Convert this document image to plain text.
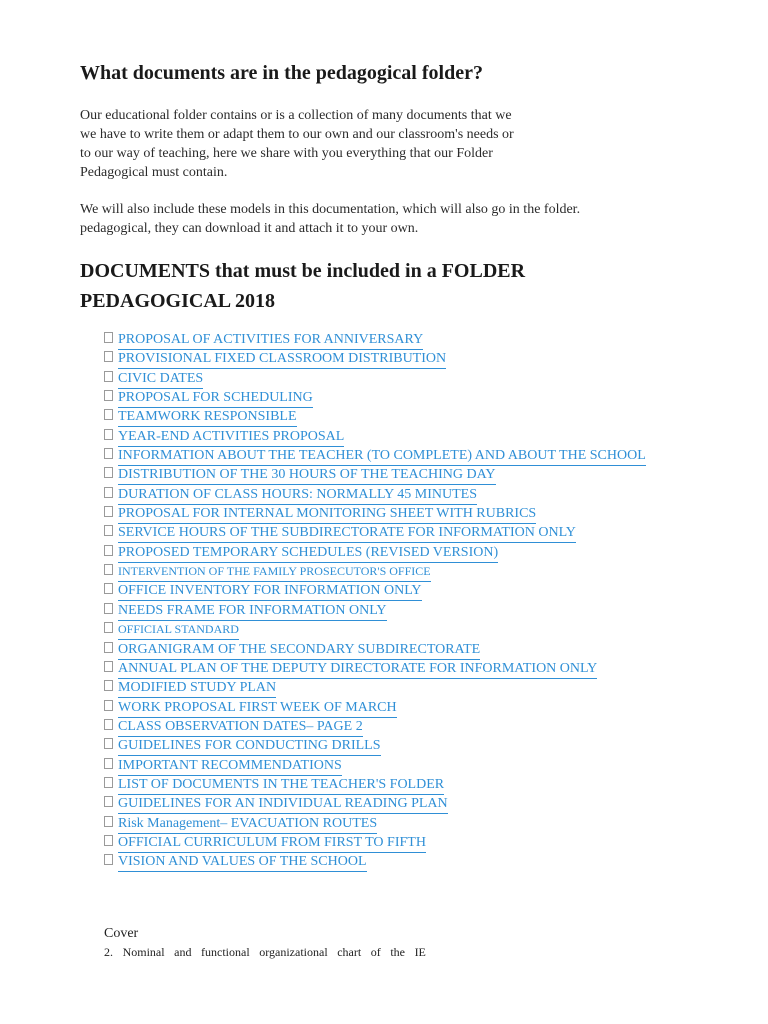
What documents are in the pedagogical folder?
Our educational folder contains or is a collection of many documents that we
we have to write them or adapt them to our own and our classroom's needs or
to our way of teaching, here we share with you everything that our Folder
Pedagogical must contain.
We will also include these models in this documentation, which will also go in the folder.
pedagogical, they can download it and attach it to your own.
DOCUMENTS that must be included in a FOLDER
PEDAGOGICAL 2018
PROPOSAL OF ACTIVITIES FOR ANNIVERSARY
PROVISIONAL FIXED CLASSROOM DISTRIBUTION
CIVIC DATES
PROPOSAL FOR SCHEDULING
TEAMWORK RESPONSIBLE
YEAR-END ACTIVITIES PROPOSAL
INFORMATION ABOUT THE TEACHER (TO COMPLETE) AND ABOUT THE SCHOOL
DISTRIBUTION OF THE 30 HOURS OF THE TEACHING DAY
DURATION OF CLASS HOURS: NORMALLY 45 MINUTES
PROPOSAL FOR INTERNAL MONITORING SHEET WITH RUBRICS
SERVICE HOURS OF THE SUBDIRECTORATE FOR INFORMATION ONLY
PROPOSED TEMPORARY SCHEDULES (REVISED VERSION)
INTERVENTION OF THE FAMILY PROSECUTOR'S OFFICE
OFFICE INVENTORY FOR INFORMATION ONLY
NEEDS FRAME FOR INFORMATION ONLY
OFFICIAL STANDARD
ORGANIGRAM OF THE SECONDARY SUBDIRECTORATE
ANNUAL PLAN OF THE DEPUTY DIRECTORATE FOR INFORMATION ONLY
MODIFIED STUDY PLAN
WORK PROPOSAL FIRST WEEK OF MARCH
CLASS OBSERVATION DATES– PAGE 2
GUIDELINES FOR CONDUCTING DRILLS
IMPORTANT RECOMMENDATIONS
LIST OF DOCUMENTS IN THE TEACHER'S FOLDER
GUIDELINES FOR AN INDIVIDUAL READING PLAN
Risk Management– EVACUATION ROUTES
OFFICIAL CURRICULUM FROM FIRST TO FIFTH
VISION AND VALUES OF THE SCHOOL
Cover
2. Nominal and functional organizational chart of the IE
